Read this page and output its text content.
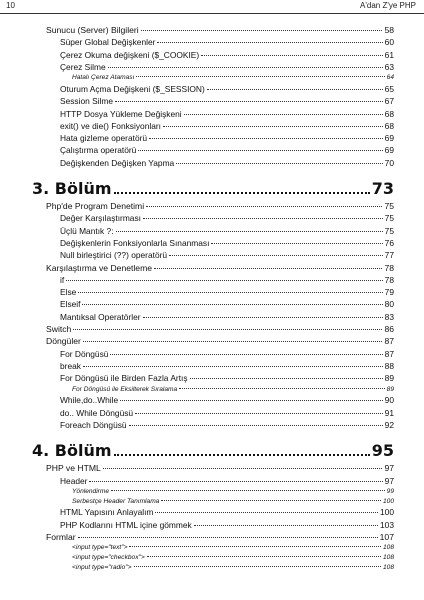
10	A'dan Z'ye PHP
Sunucu (Server) Bilgileri	58
Süper Global Değişkenler	60
Çerez Okuma değişkeni ($_COOKIE)	61
Çerez Silme	63
Hatalı Çerez Ataması	64
Oturum Açma Değişkeni ($_SESSION)	65
Session Silme	67
HTTP Dosya Yükleme Değişkeni	68
exit() ve die() Fonksiyonları	68
Hata gizleme operatörü	69
Çalıştırma operatörü	69
Değişkenden Değişken Yapma	70
3. Bölüm	73
Php'de Program Denetimi	75
Değer Karşılaştırması	75
Üçlü Mantık ?:	75
Değişkenlerin Fonksiyonlarla Sınanması	76
Null birleştirici (??) operatörü	77
Karşılaştırma ve Denetleme	78
if	78
Else	79
Elseif	80
Mantıksal Operatörler	83
Switch	86
Döngüler	87
For Döngüsü	87
break	88
For Döngüsü ile Birden Fazla Artış	89
For Döngüsü ile Eksilterek Sıralama	89
While,do..While	90
do.. While Döngüsü	91
Foreach Döngüsü	92
4. Bölüm	95
PHP ve HTML	97
Header	97
Yönlendirme	99
Serbestçe Header Tanımlama	100
HTML Yapısını Anlayalım	100
PHP Kodlarını HTML içine gömmek	103
Formlar	107
<input type="text">	108
<input type="checkbox">	108
<input type="radio">	108
